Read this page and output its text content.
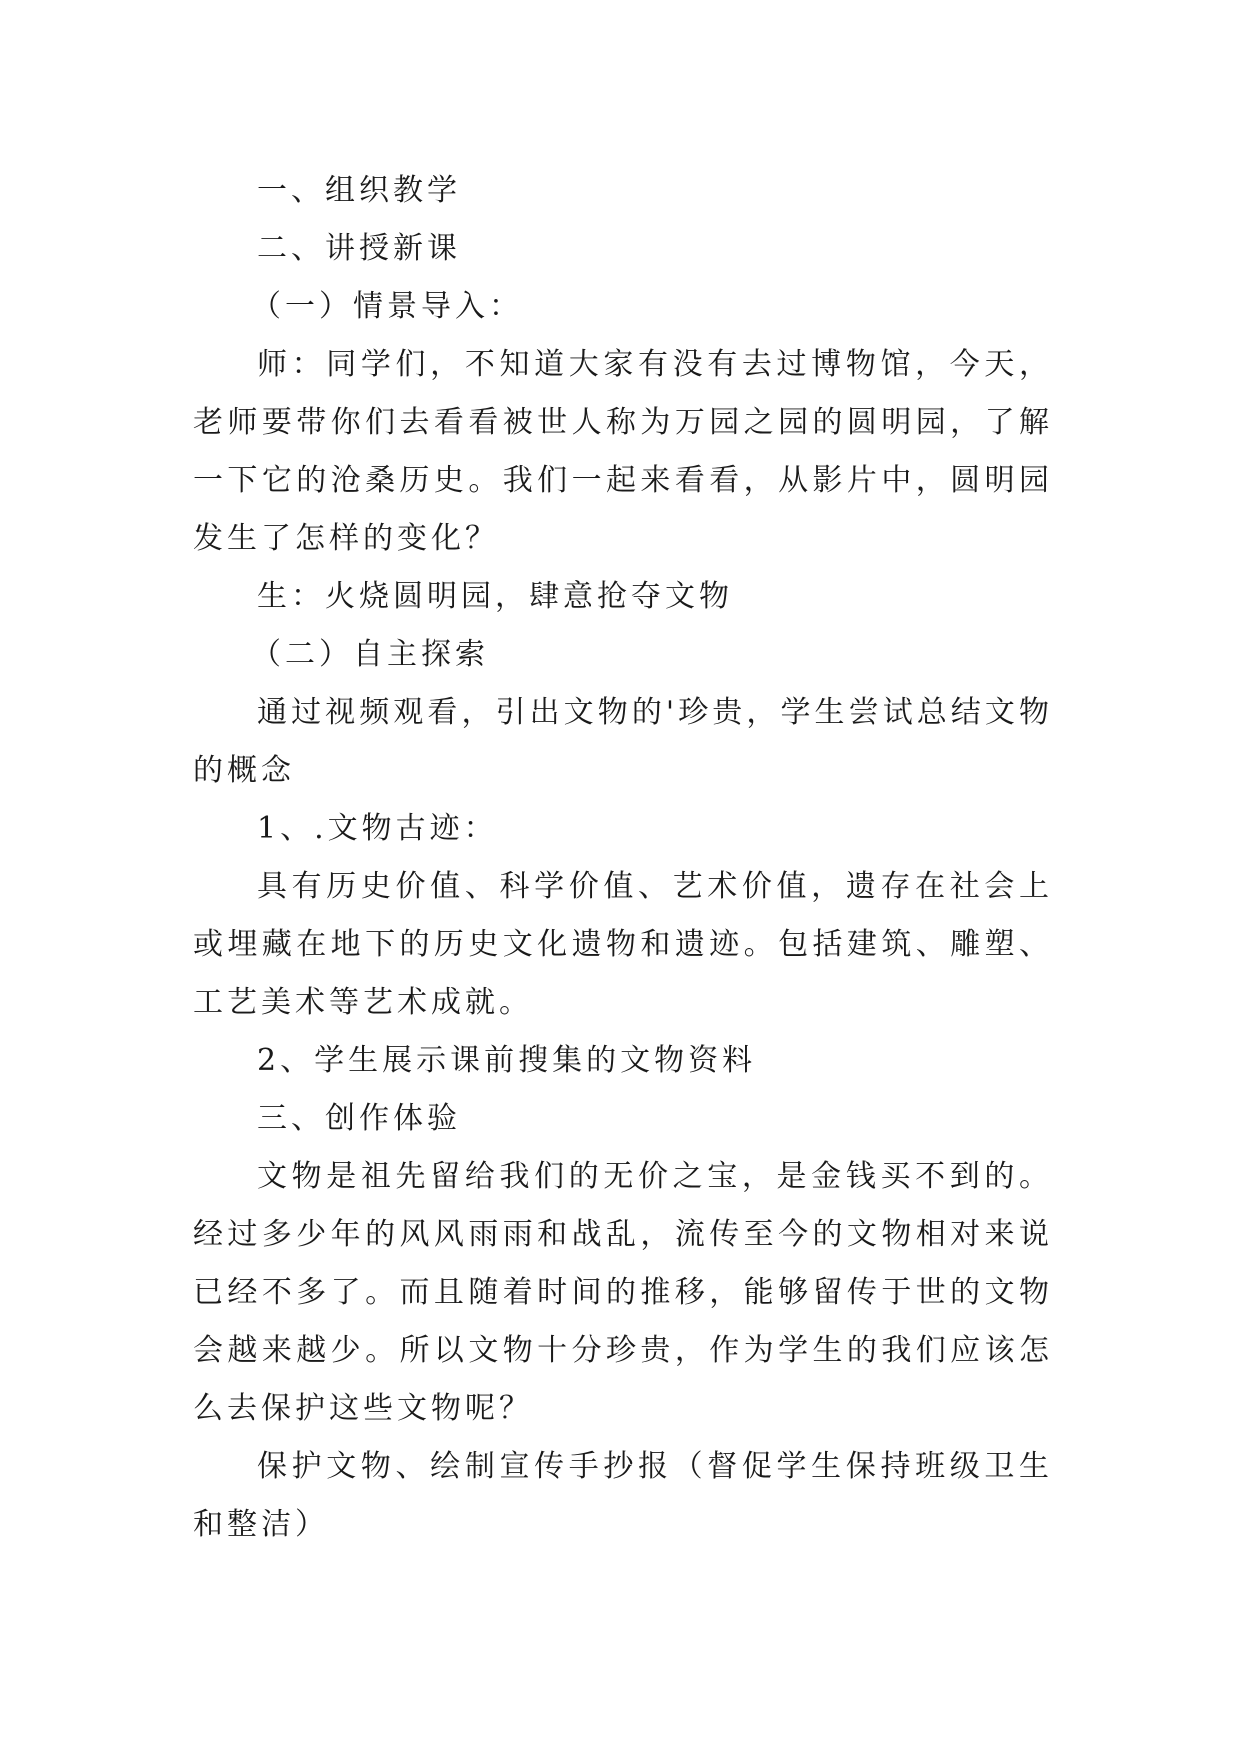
一、组织教学

二、讲授新课

（一）情景导入：

师：同学们，不知道大家有没有去过博物馆，今天，老师要带你们去看看被世人称为万园之园的圆明园，了解一下它的沧桑历史。我们一起来看看，从影片中，圆明园发生了怎样的变化？

生：火烧圆明园，肆意抢夺文物

（二）自主探索

通过视频观看，引出文物的'珍贵，学生尝试总结文物的概念

1、.文物古迹：

具有历史价值、科学价值、艺术价值，遗存在社会上或埋藏在地下的历史文化遗物和遗迹。包括建筑、雕塑、工艺美术等艺术成就。

2、学生展示课前搜集的文物资料

三、创作体验

文物是祖先留给我们的无价之宝，是金钱买不到的。经过多少年的风风雨雨和战乱，流传至今的文物相对来说已经不多了。而且随着时间的推移，能够留传于世的文物会越来越少。所以文物十分珍贵，作为学生的我们应该怎么去保护这些文物呢？

保护文物、绘制宣传手抄报（督促学生保持班级卫生和整洁）
